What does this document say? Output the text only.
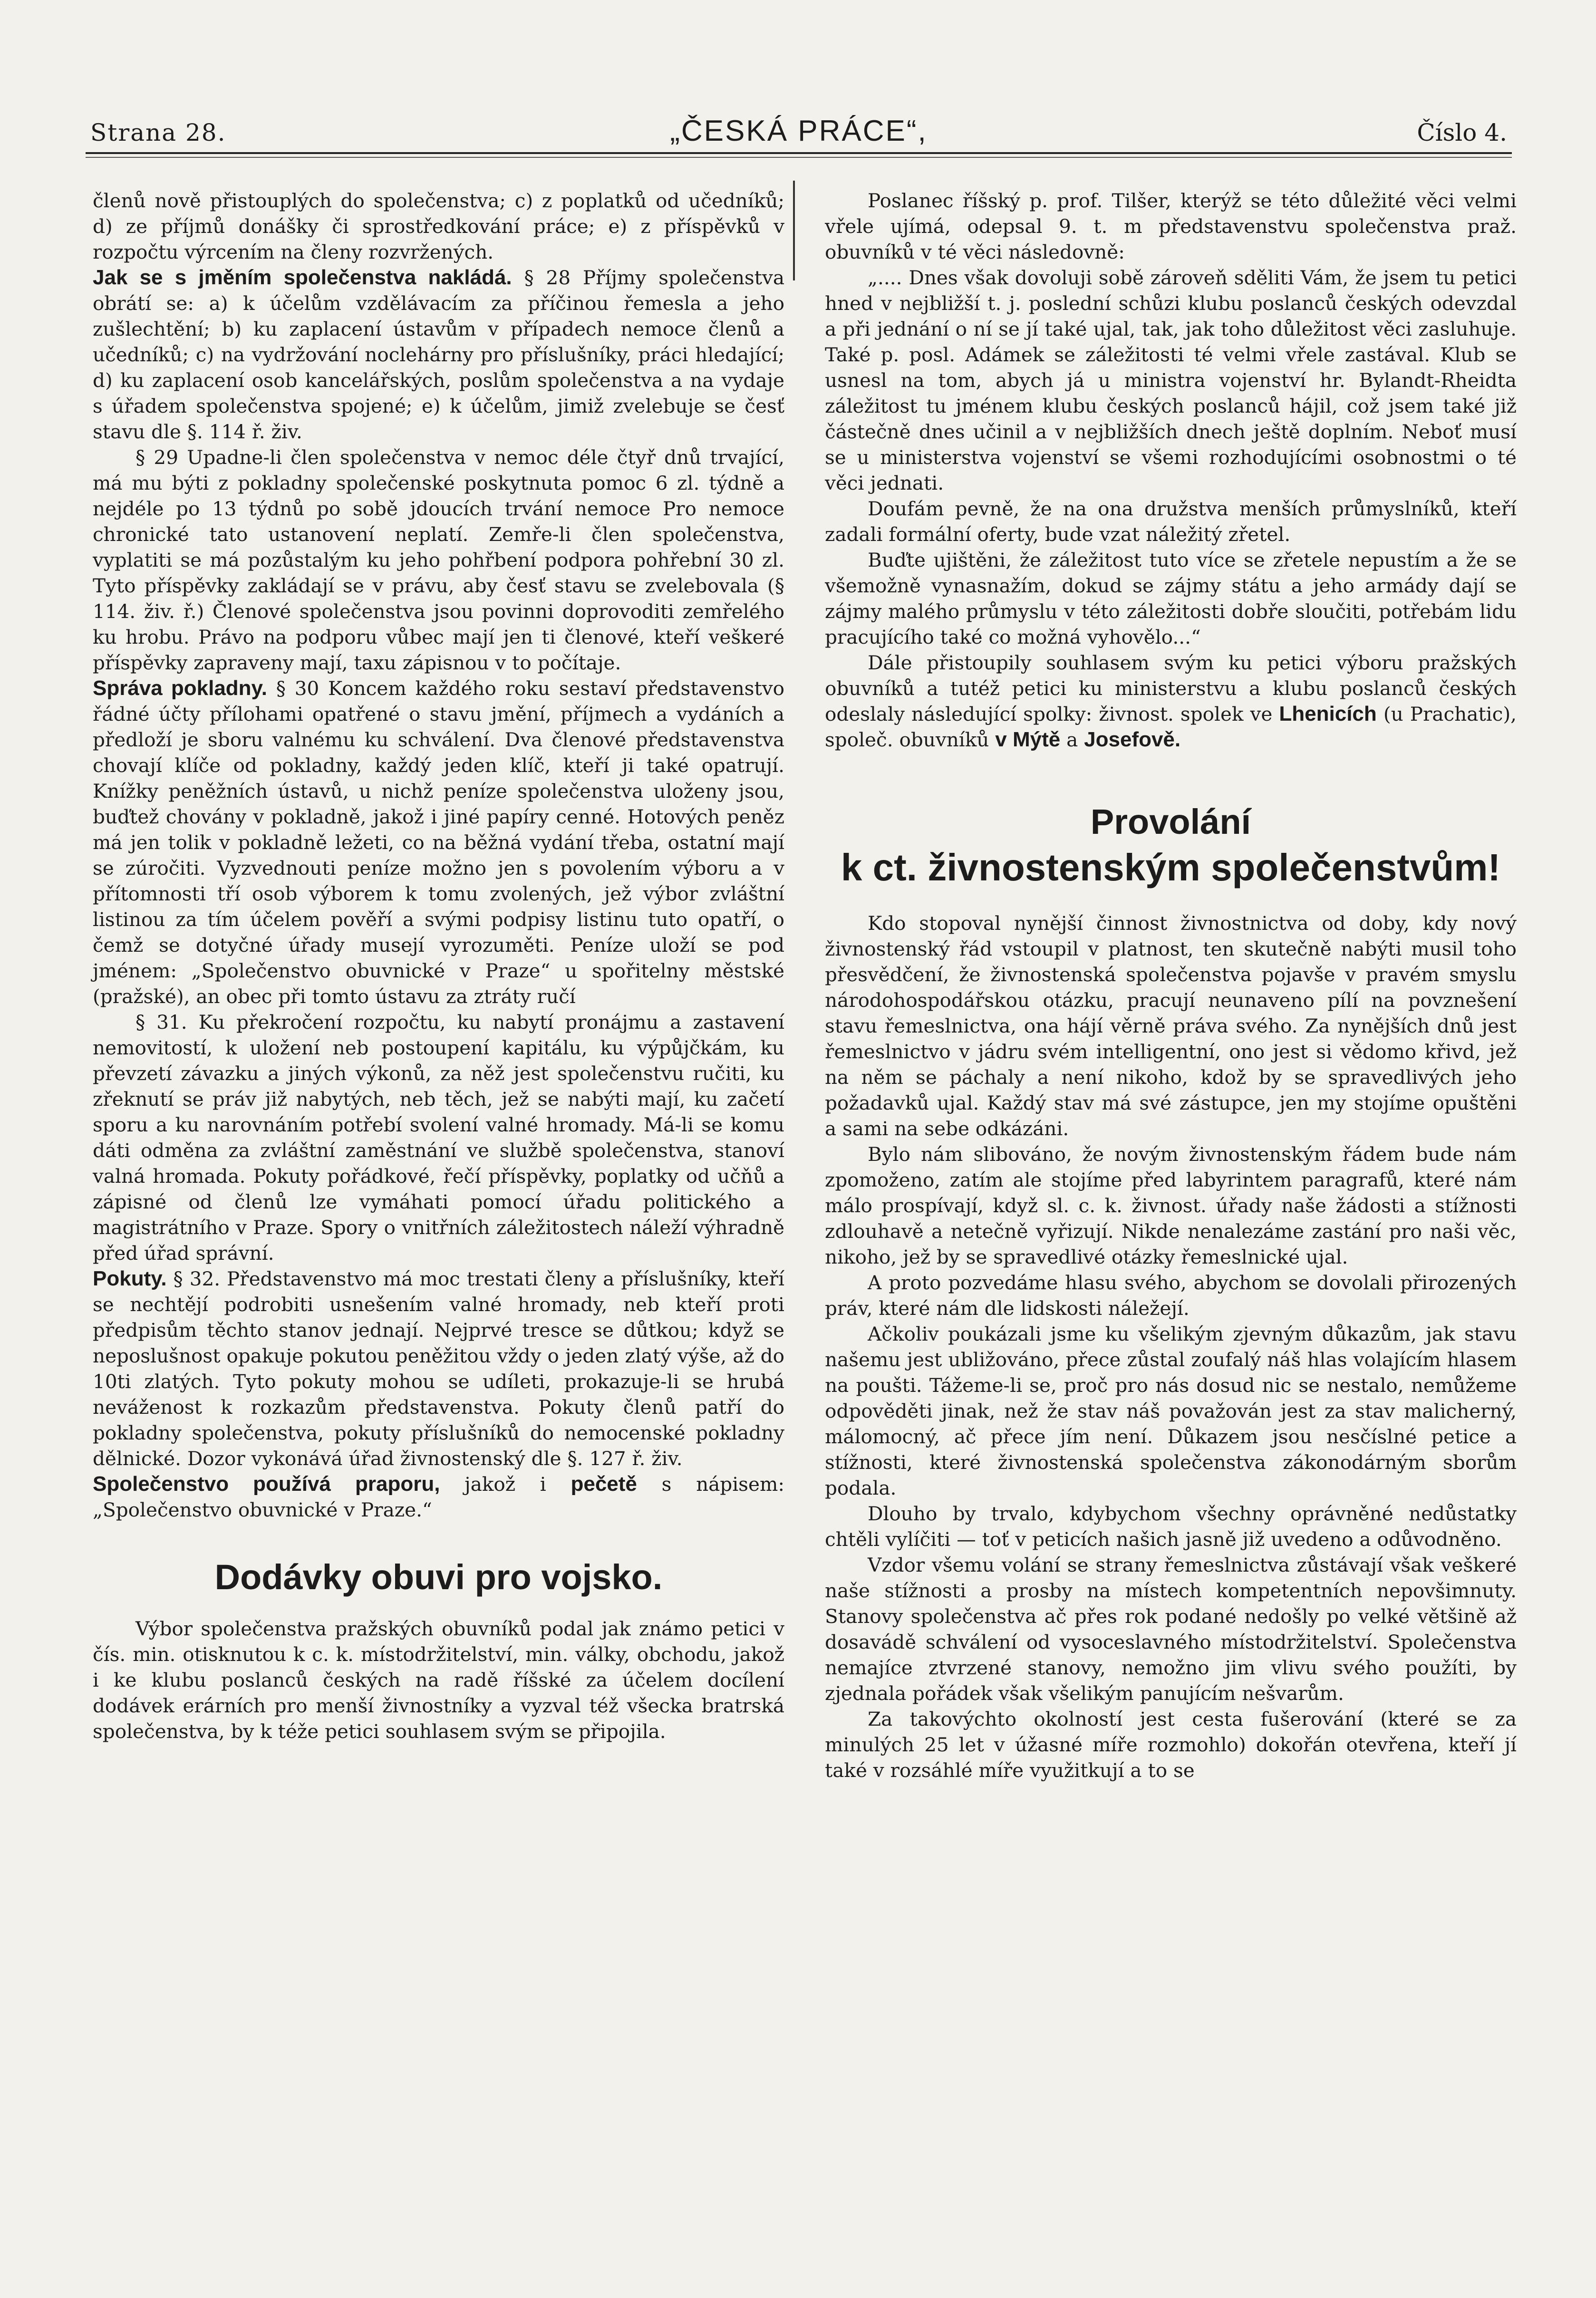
Strana 28.	„ČESKÁ PRÁCE“,	Číslo 4.

členů nově přistouplých do společenstva; c) z poplatků od učedníků; d) ze příjmů donášky či sprostředkování práce; e) z příspěvků v rozpočtu výrcením na členy rozvržených.

Jak se s jměním společenstva nakládá. § 28 Příjmy společenstva obrátí se: a) k účelům vzdělávacím za příčinou řemesla a jeho zušlechtění; b) ku zaplacení ústavům v případech nemoce členů a učedníků; c) na vydržování noclehárny pro příslušníky, práci hledající; d) ku zaplacení osob kancelářských, poslům společenstva a na vydaje s úřadem společenstva spojené; e) k účelům, jimiž zvelebuje se česť stavu dle §. 114 ř. živ.

§ 29 Upadne-li člen společenstva v nemoc déle čtyř dnů trvající, má mu býti z pokladny společenské poskytnuta pomoc 6 zl. týdně a nejdéle po 13 týdnů po sobě jdoucích trvání nemoce Pro nemoce chronické tato ustanovení neplatí. Zemře-li člen společenstva, vyplatiti se má pozůstalým ku jeho pohřbení podpora pohřební 30 zl. Tyto příspěvky zakládají se v právu, aby česť stavu se zvelebovala (§ 114. živ. ř.) Členové společenstva jsou povinni doprovoditi zemřelého ku hrobu. Právo na podporu vůbec mají jen ti členové, kteří veškeré příspěvky zapraveny mají, taxu zápisnou v to počítaje.

Správa pokladny. § 30 Koncem každého roku sestaví představenstvo řádné účty přílohami opatřené o stavu jmění, příjmech a vydáních a předloží je sboru valnému ku schválení. Dva členové představenstva chovají klíče od pokladny, každý jeden klíč, kteří ji také opatrují. Knížky peněžních ústavů, u nichž peníze společenstva uloženy jsou, buďtež chovány v pokladně, jakož i jiné papíry cenné. Hotových peněz má jen tolik v pokladně ležeti, co na běžná vydání třeba, ostatní mají se zúročiti. Vyzvednouti peníze možno jen s povolením výboru a v přítomnosti tří osob výborem k tomu zvolených, jež výbor zvláštní listinou za tím účelem pověří a svými podpisy listinu tuto opatří, o čemž se dotyčné úřady musejí vyrozuměti. Peníze uloží se pod jménem: „Společenstvo obuvnické v Praze“ u spořitelny městské (pražské), an obec při tomto ústavu za ztráty ručí

§ 31. Ku překročení rozpočtu, ku nabytí pronájmu a zastavení nemovitostí, k uložení neb postoupení kapitálu, ku výpůjčkám, ku převzetí závazku a jiných výkonů, za něž jest společenstvu ručiti, ku zřeknutí se práv již nabytých, neb těch, jež se nabýti mají, ku začetí sporu a ku narovnáním potřebí svolení valné hromady. Má-li se komu dáti odměna za zvláštní zaměstnání ve službě společenstva, stanoví valná hromada. Pokuty pořádkové, řečí příspěvky, poplatky od učňů a zápisné od členů lze vymáhati pomocí úřadu politického a magistrátního v Praze. Spory o vnitřních záležitostech náleží výhradně před úřad správní.

Pokuty. § 32. Představenstvo má moc trestati členy a příslušníky, kteří se nechtějí podrobiti usnešením valné hromady, neb kteří proti předpisům těchto stanov jednají. Nejprvé tresce se důtkou; když se neposlušnost opakuje pokutou peněžitou vždy o jeden zlatý výše, až do 10ti zlatých. Tyto pokuty mohou se udíleti, prokazuje-li se hrubá neváženost k rozkazům představenstva. Pokuty členů patří do pokladny společenstva, pokuty příslušníků do nemocenské pokladny dělnické. Dozor vykonává úřad živnostenský dle §. 127 ř. živ.

Společenstvo používá praporu, jakož i pečetě s nápisem: „Společenstvo obuvnické v Praze.“

Dodávky obuvi pro vojsko.

Výbor společenstva pražských obuvníků podal jak známo petici v čís. min. otisknutou k c. k. místodržitelství, min. války, obchodu, jakož i ke klubu poslanců českých na radě říšské za účelem docílení dodávek erárních pro menší živnostníky a vyzval též všecka bratrská společenstva, by k téže petici souhlasem svým se připojila.

Poslanec říšský p. prof. Tilšer, kterýž se této důležité věci velmi vřele ujímá, odepsal 9. t. m představenstvu společenstva praž. obuvníků v té věci následovně:

„.... Dnes však dovoluji sobě zároveň sděliti Vám, že jsem tu petici hned v nejbližší t. j. poslední schůzi klubu poslanců českých odevzdal a při jednání o ní se jí také ujal, tak, jak toho důležitost věci zasluhuje. Také p. posl. Adámek se záležitosti té velmi vřele zastával. Klub se usnesl na tom, abych já u ministra vojenství hr. Bylandt-Rheidta záležitost tu jménem klubu českých poslanců hájil, což jsem také již částečně dnes učinil a v nejbližších dnech ještě doplním. Neboť musí se u ministerstva vojenství se všemi rozhodujícími osobnostmi o té věci jednati.

Doufám pevně, že na ona družstva menších průmyslníků, kteří zadali formální oferty, bude vzat náležitý zřetel.

Buďte ujištěni, že záležitost tuto více se zřetele nepustím a že se všemožně vynasnažím, dokud se zájmy státu a jeho armády dají se zájmy malého průmyslu v této záležitosti dobře sloučiti, potřebám lidu pracujícího také co možná vyhovělo...“

Dále přistoupily souhlasem svým ku petici výboru pražských obuvníků a tutéž petici ku ministerstvu a klubu poslanců českých odeslaly následující spolky: živnost. spolek ve Lhenicích (u Prachatic), společ. obuvníků v Mýtě a Josefově.

Provolání
k ct. živnostenským společenstvům!

Kdo stopoval nynější činnost živnostnictva od doby, kdy nový živnostenský řád vstoupil v platnost, ten skutečně nabýti musil toho přesvědčení, že živnostenská společenstva pojavše v pravém smyslu národohospodářskou otázku, pracují neunaveno pílí na povznešení stavu řemeslnictva, ona hájí věrně práva svého. Za nynějších dnů jest řemeslnictvo v jádru svém intelligentní, ono jest si vědomo křivd, jež na něm se páchaly a není nikoho, kdož by se spravedlivých jeho požadavků ujal. Každý stav má své zástupce, jen my stojíme opuštěni a sami na sebe odkázáni.

Bylo nám slibováno, že novým živnostenským řádem bude nám zpomoženo, zatím ale stojíme před labyrintem paragrafů, které nám málo prospívají, když sl. c. k. živnost. úřady naše žádosti a stížnosti zdlouhavě a netečně vyřizují. Nikde nenalezáme zastání pro naši věc, nikoho, jež by se spravedlivé otázky řemeslnické ujal.

A proto pozvedáme hlasu svého, abychom se dovolali přirozených práv, které nám dle lidskosti náležejí.

Ačkoliv poukázali jsme ku všelikým zjevným důkazům, jak stavu našemu jest ubližováno, přece zůstal zoufalý náš hlas volajícím hlasem na poušti. Tážeme-li se, proč pro nás dosud nic se nestalo, nemůžeme odpověděti jinak, než že stav náš považován jest za stav malicherný, málomocný, ač přece jím není. Důkazem jsou nesčíslné petice a stížnosti, které živnostenská společenstva zákonodárným sborům podala.

Dlouho by trvalo, kdybychom všechny oprávněné nedůstatky chtěli vylíčiti — toť v peticích našich jasně již uvedeno a odůvodněno.

Vzdor všemu volání se strany řemeslnictva zůstávají však veškeré naše stížnosti a prosby na místech kompetentních nepovšimnuty. Stanovy společenstva ač přes rok podané nedošly po velké většině až dosavádě schválení od vysoceslavného místodržitelství. Společenstva nemajíce ztvrzené stanovy, nemožno jim vlivu svého použíti, by zjednala pořádek však všelikým panujícím nešvarům.

Za takovýchto okolností jest cesta fušerování (které se za minulých 25 let v úžasné míře rozmohlo) dokořán otevřena, kteří jí také v rozsáhlé míře využitkují a to se
